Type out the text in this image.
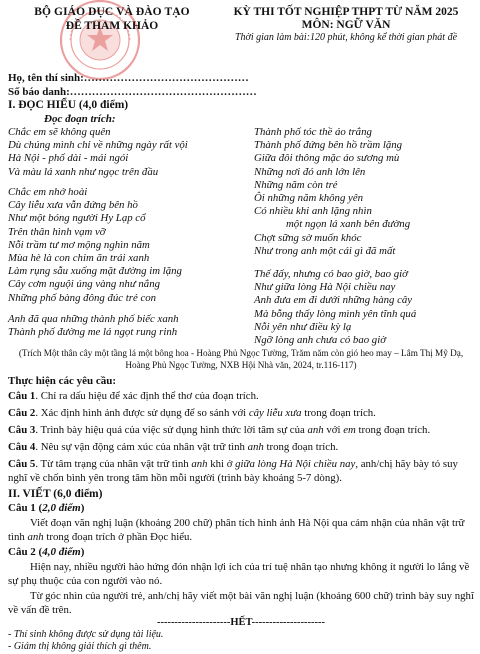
BỘ GIÁO DỤC VÀ ĐÀO TẠO
ĐỀ THAM KHẢO
KỲ THI TỐT NGHIỆP THPT TỪ NĂM 2025
MÔN: NGỮ VĂN
Thời gian làm bài:120 phút, không kể thời gian phát đề
Họ, tên thí sinh:………………………………………
Số báo danh:……………………………………………
I. ĐỌC HIỂU (4,0 điểm)
Đọc đoạn trích:
Chắc em sẽ không quên
Dù chúng mình chỉ về những ngày rất vội
Hà Nội - phố dài - mái ngói
Và màu lá xanh như ngọc trên đầu
Chắc em nhớ hoài
Cây liễu xưa vẫn đứng bên hồ
Như một bóng người Hy Lạp cổ
Trên thân hình vạm vỡ
Nỗi trầm tư mơ mộng nghìn năm
Mùa hè là con chim ăn trái xanh
Làm rụng sẫu xuống mặt đường im lặng
Cây cơm nguội úng vàng như nắng
Những phố bàng đông đúc trẻ con
Anh đã qua những thành phố biếc xanh
Thành phố đường me lá ngọt rung rinh
Thành phố tóc thề áo trắng
Thành phố đứng bên hồ trầm lặng
Giữa đôi thông mặc áo sương mù
Những nơi đó anh lớn lên
Những năm còn trẻ
Ôi những năm không yên
Có nhiều khi anh lặng nhìn
một ngọn lá xanh bên đường
Chợt sững sờ muốn khóc
Như trong anh một cái gì đã mất
Thế đấy, nhưng có bao giờ, bao giờ
Như giữa lòng Hà Nội chiều nay
Anh đưa em đi dưới những hàng cây
Mà bỗng thấy lòng mình yên tĩnh quá
Nỗi yên như điều kỳ lạ
Ngỡ lòng anh chưa có bao giờ
(Trích Một thân cây một tầng lá một bông hoa - Hoàng Phủ Ngọc Tường, Trăm năm còn gió heo may – Lâm Thị Mỹ Dạ, Hoàng Phủ Ngọc Tường, NXB Hội Nhà văn, 2024, tr.116-117)
Thực hiện các yêu cầu:
Câu 1. Chỉ ra dấu hiệu để xác định thể thơ của đoạn trích.
Câu 2. Xác định hình ảnh được sử dụng để so sánh với cây liễu xưa trong đoạn trích.
Câu 3. Trình bày hiệu quả của việc sử dụng hình thức lời tâm sự của anh với em trong đoạn trích.
Câu 4. Nêu sự vận động cảm xúc của nhân vật trữ tình anh trong đoạn trích.
Câu 5. Từ tâm trạng của nhân vật trữ tình anh khi ở giữa lòng Hà Nội chiều nay, anh/chị hãy bày tỏ suy nghĩ về chốn bình yên trong tâm hồn mỗi người (trình bày khoảng 5-7 dòng).
II. VIẾT (6,0 điểm)
Câu 1 (2,0 điểm)
Viết đoạn văn nghị luận (khoảng 200 chữ) phân tích hình ảnh Hà Nội qua cảm nhận của nhân vật trữ tình anh trong đoạn trích ở phần Đọc hiểu.
Câu 2 (4,0 điểm)
Hiện nay, nhiều người hào hứng đón nhận lợi ích của trí tuệ nhân tạo nhưng không ít người lo lắng về sự phụ thuộc của con người vào nó.
Từ góc nhìn của người trẻ, anh/chị hãy viết một bài văn nghị luận (khoảng 600 chữ) trình bày suy nghĩ về vấn đề trên.
---------------------HẾT---------------------
- Thí sinh không được sử dụng tài liệu.
- Giám thị không giải thích gì thêm.
